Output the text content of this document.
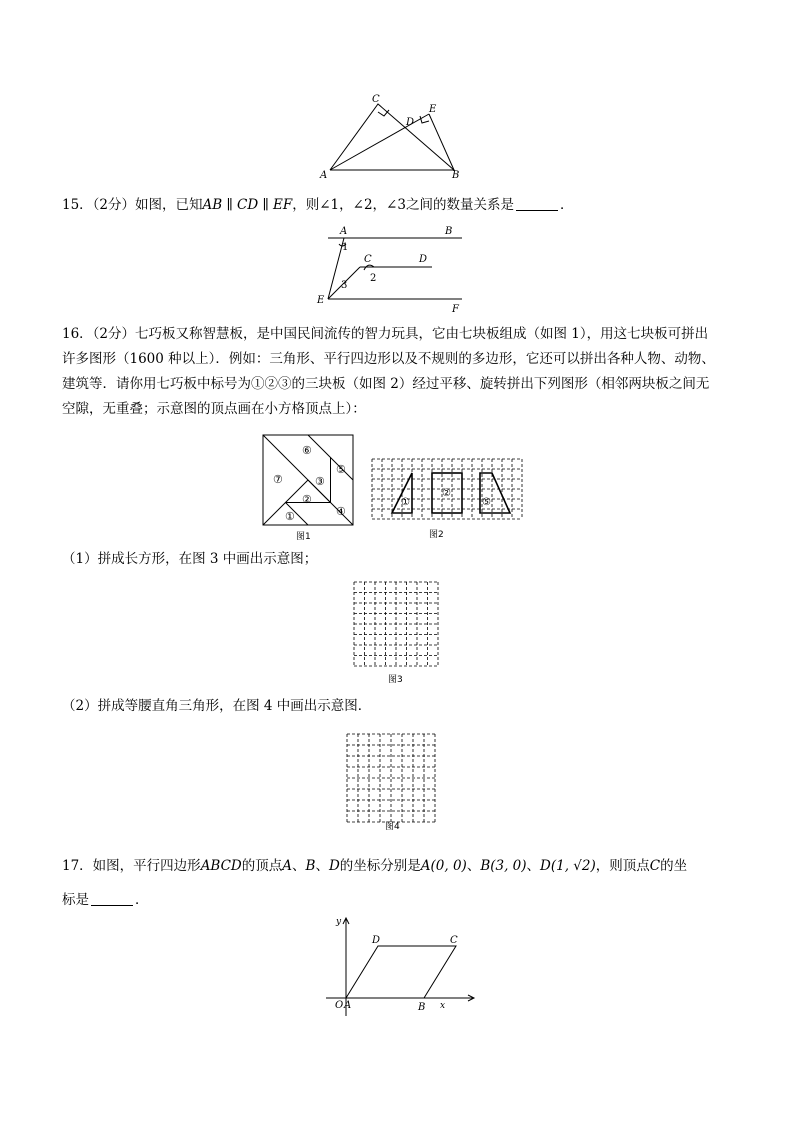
C
E
D
A	B
15．（2分）如图，已知AB ∥ CD ∥ EF，则∠1，∠2，∠3之间的数量关系是	．
A	B
C	D
E
F
1
2
3
16．（2分）七巧板又称智慧板，是中国民间流传的智力玩具，它由七块板组成（如图 1），用这七块板可拼出
许多图形（1600 种以上）．例如：三角形、平行四边形以及不规则的多边形，它还可以拼出各种人物、动物、
建筑等．请你用七巧板中标号为①②③的三块板（如图 2）经过平移、旋转拼出下列图形（相邻两块板之间无
空隙，无重叠；示意图的顶点画在小方格顶点上）：
⑥
⑦
⑤
③
②
①	④
图1
①
②
⑤
图2
（1）拼成长方形，在图 3 中画出示意图；
图3
（2）拼成等腰直角三角形，在图 4 中画出示意图．
图4
17．如图，平行四边形ABCD的顶点A、B、D的坐标分别是A(0, 0)、B(3, 0)、D(1, √2)，则顶点C的坐
标是	．
y
D	C
O A	B x
